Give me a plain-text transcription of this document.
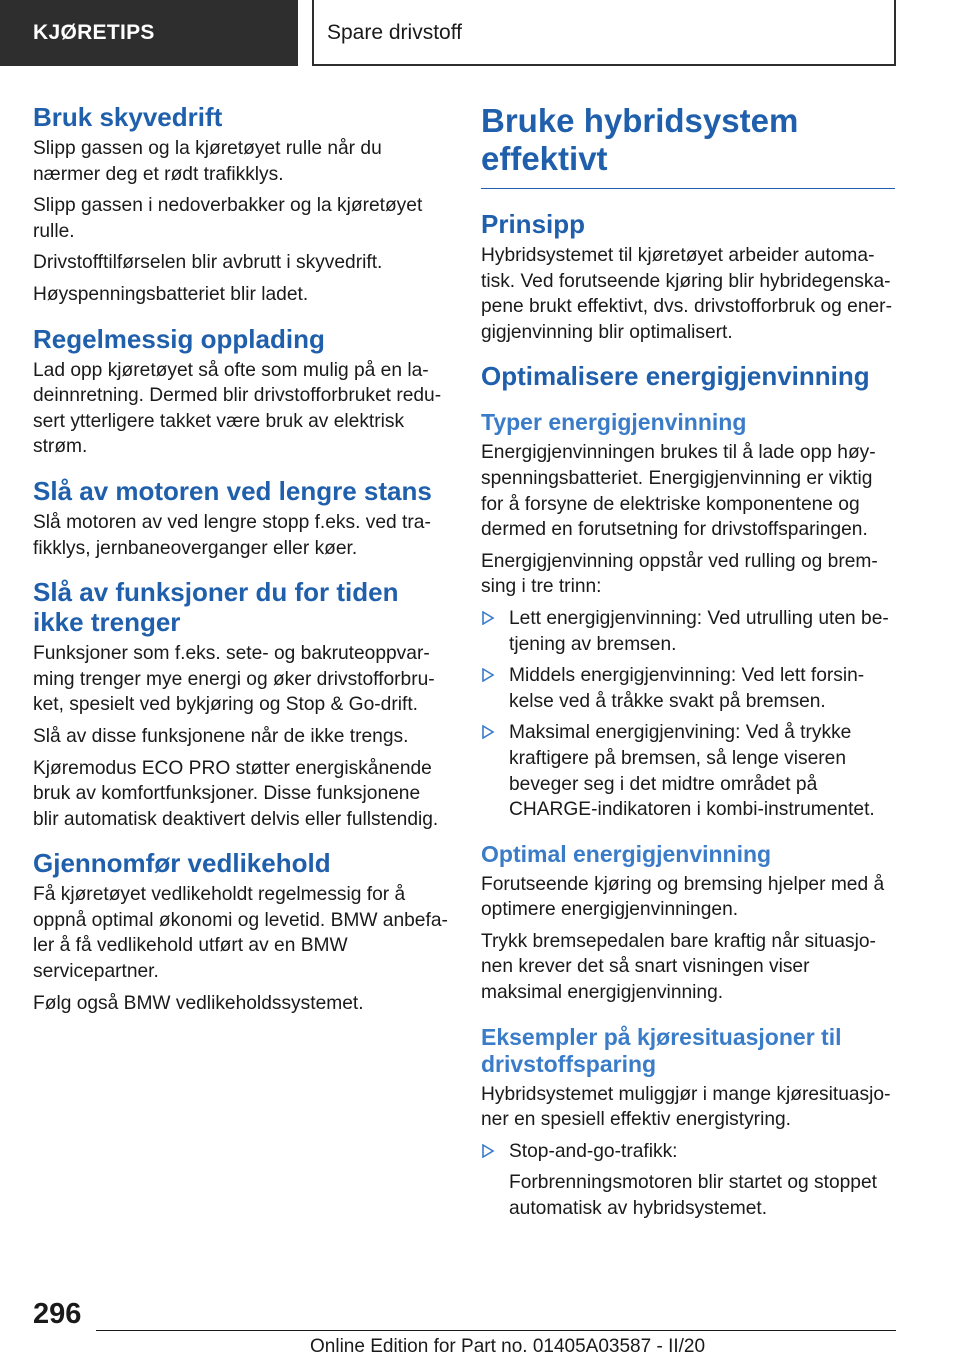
KJØRETIPS	Spare drivstoff
Bruk skyvedrift

Slipp gassen og la kjøretøyet rulle når du nærmer deg et rødt trafikklys.

Slipp gassen i nedoverbakker og la kjøretøyet rulle.

Drivstofftilførselen blir avbrutt i skyvedrift.

Høyspenningsbatteriet blir ladet.

Regelmessig opplading

Lad opp kjøretøyet så ofte som mulig på en ladeinnretning. Dermed blir drivstofforbruket redusert ytterligere takket være bruk av elektrisk strøm.

Slå av motoren ved lengre stans

Slå motoren av ved lengre stopp f.eks. ved trafikklys, jernbaneoverganger eller køer.

Slå av funksjoner du for tiden ikke trenger

Funksjoner som f.eks. sete- og bakruteoppvarming trenger mye energi og øker drivstofforbruket, spesielt ved bykjøring og Stop & Go-drift.

Slå av disse funksjonene når de ikke trengs.

Kjøremodus ECO PRO støtter energiskånende bruk av komfortfunksjoner. Disse funksjonene blir automatisk deaktivert delvis eller fullstendig.

Gjennomfør vedlikehold

Få kjøretøyet vedlikeholdt regelmessig for å oppnå optimal økonomi og levetid. BMW anbefaler å få vedlikehold utført av en BMW servicepartner.

Følg også BMW vedlikeholdssystemet.

Bruke hybridsystem effektivt
Prinsipp

Hybridsystemet til kjøretøyet arbeider automatisk. Ved forutseende kjøring blir hybridegenskapene brukt effektivt, dvs. drivstofforbruk og energigjenvinning blir optimalisert.

Optimalisere energigjenvinning
Typer energigjenvinning

Energigjenvinningen brukes til å lade opp høyspenningsbatteriet. Energigjenvinning er viktig for å forsyne de elektriske komponentene og dermed en forutsetning for drivstoffsparingen.

Energigjenvinning oppstår ved rulling og bremsing i tre trinn:

Lett energigjenvinning: Ved utrulling uten betjening av bremsen.
Middels energigjenvinning: Ved lett forsinkelse ved å tråkke svakt på bremsen.
Maksimal energigjenvining: Ved å trykke kraftigere på bremsen, så lenge viseren beveger seg i det midtre området på CHARGE-indikatoren i kombi-instrumentet.
Optimal energigjenvinning

Forutseende kjøring og bremsing hjelper med å optimere energigjenvinningen.

Trykk bremsepedalen bare kraftig når situasjonen krever det så snart visningen viser maksimal energigjenvinning.

Eksempler på kjøresituasjoner til drivstoffsparing

Hybridsystemet muliggjør i mange kjøresituasjoner en spesiell effektiv energistyring.

Stop-and-go-trafikk:

Forbrenningsmotoren blir startet og stoppet automatisk av hybridsystemet.

296
Online Edition for Part no. 01405A03587 - II/20
